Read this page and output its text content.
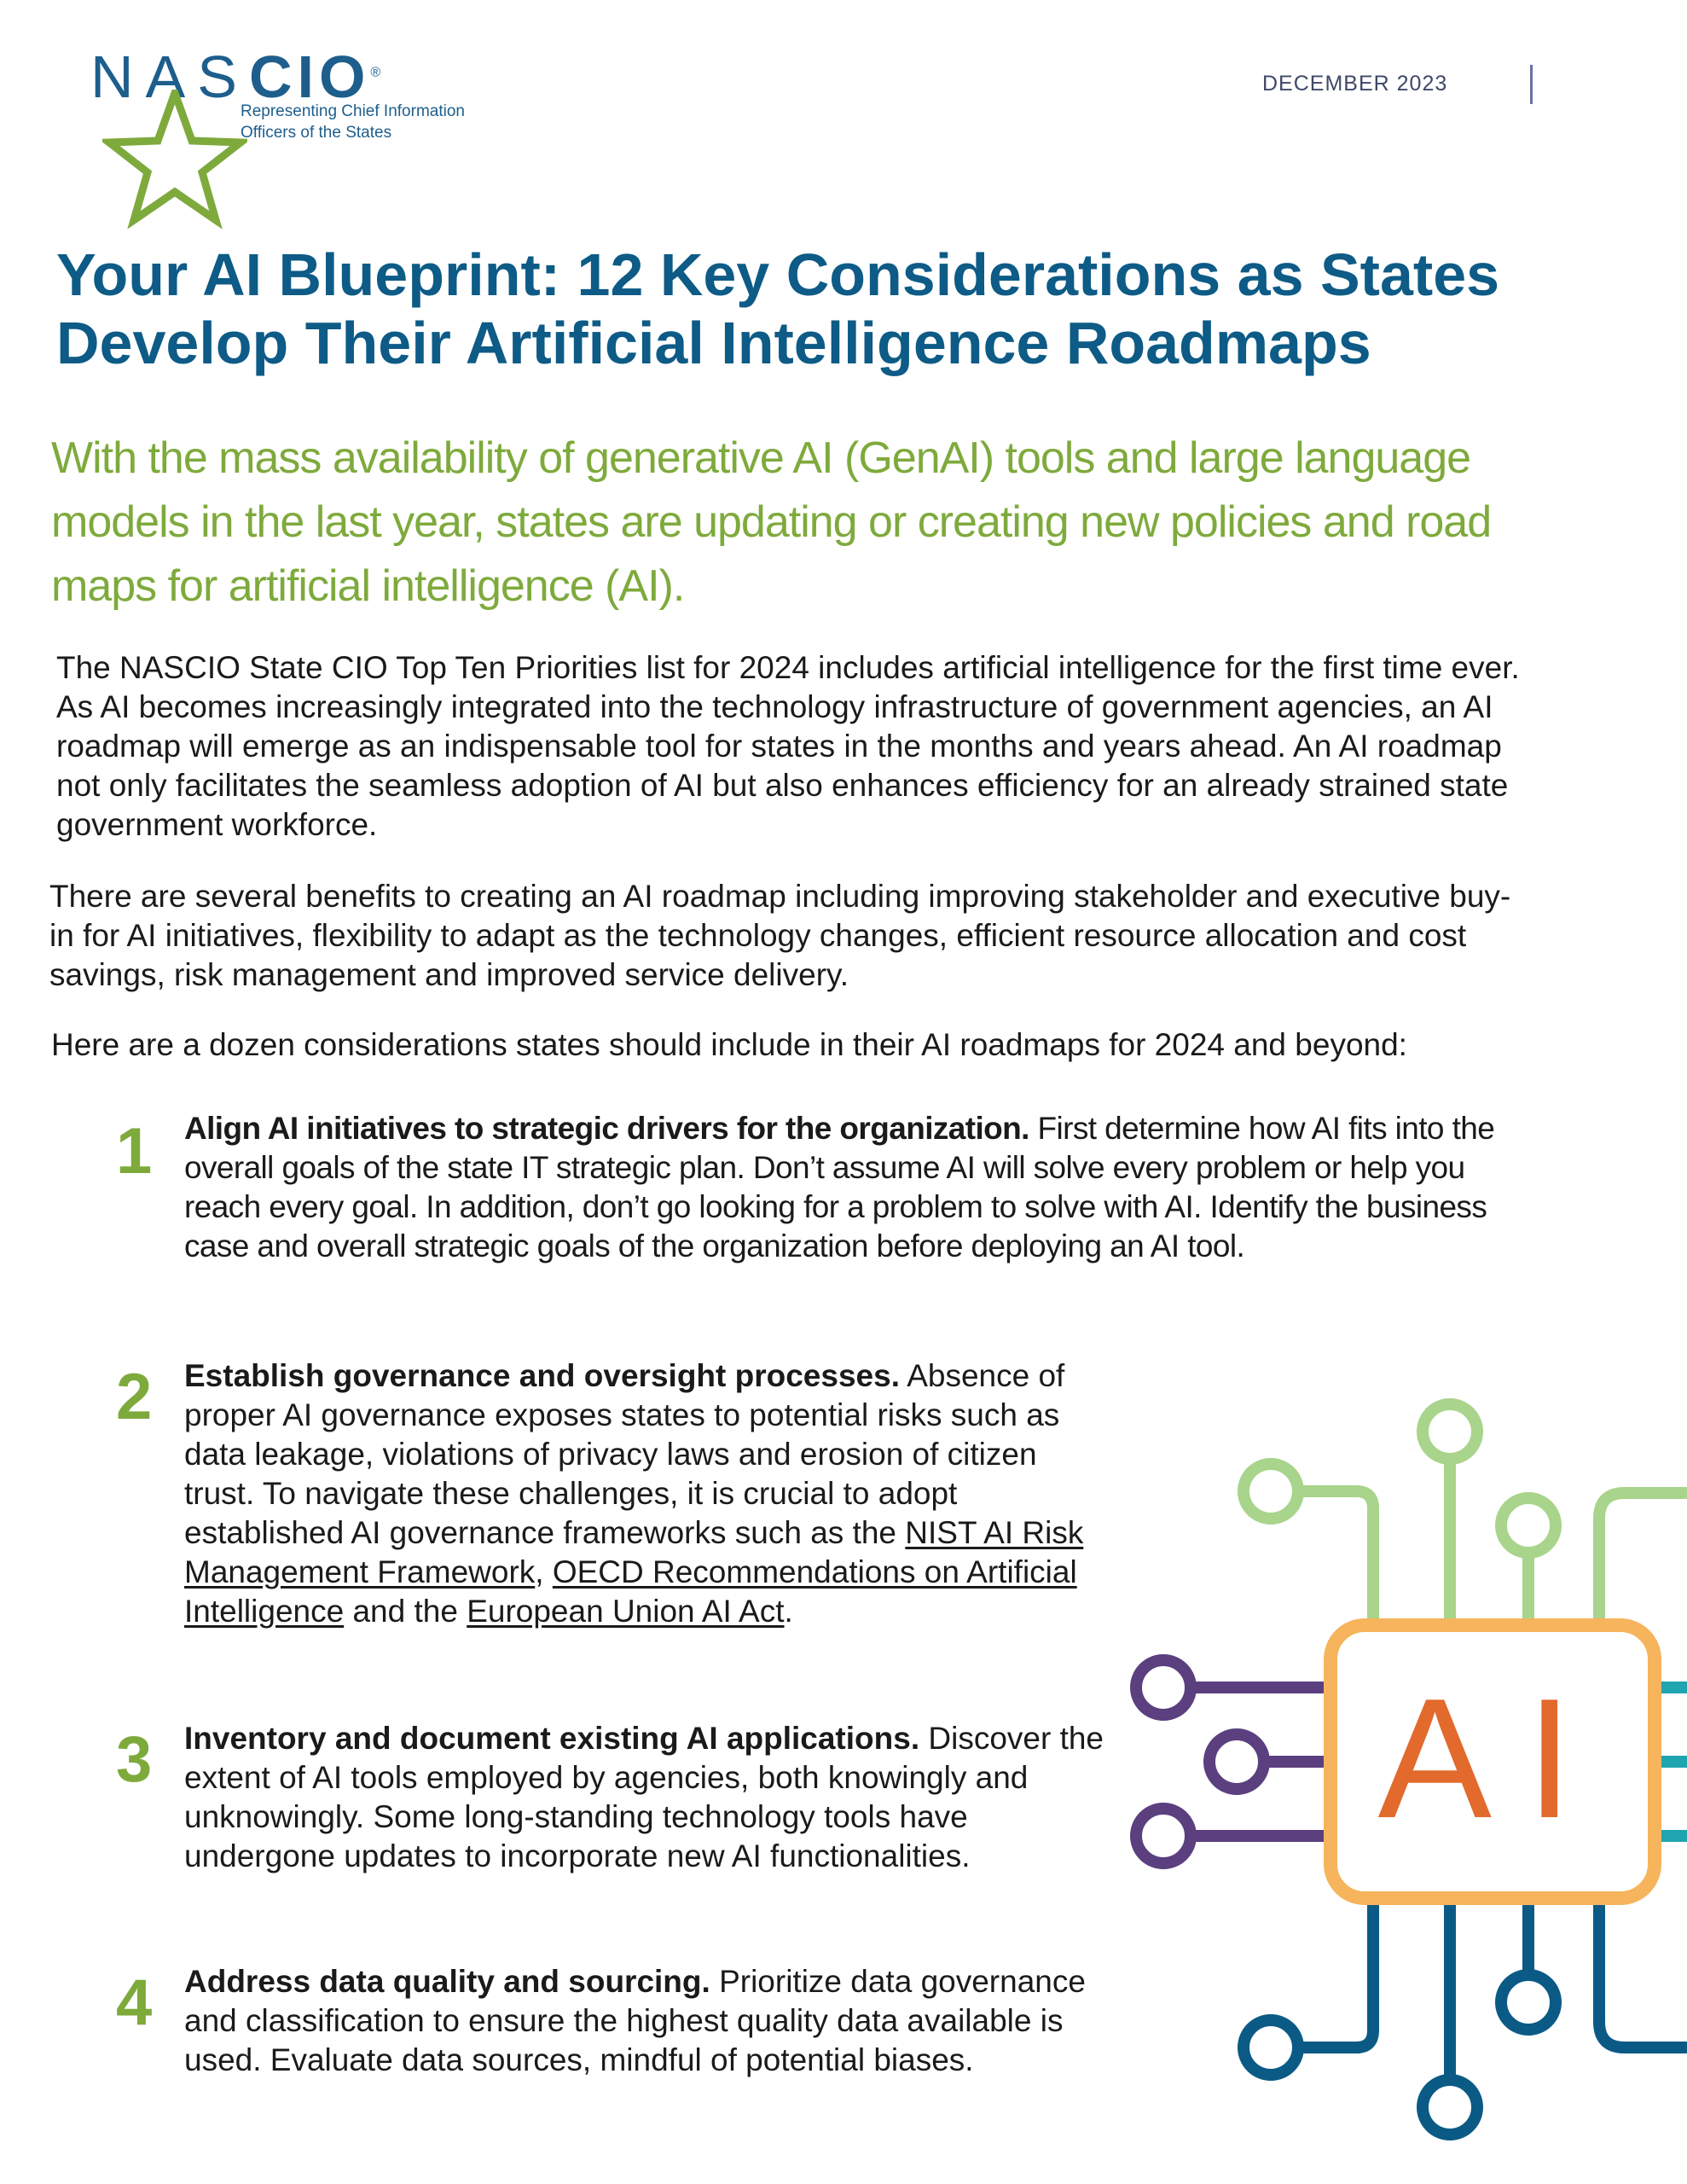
NASCIO®
Representing Chief Information
Officers of the States
DECEMBER 2023
Your AI Blueprint: 12 Key Considerations as States Develop Their Artificial Intelligence Roadmaps
With the mass availability of generative AI (GenAI) tools and large language models in the last year, states are updating or creating new policies and road maps for artificial intelligence (AI).
The NASCIO State CIO Top Ten Priorities list for 2024 includes artificial intelligence for the first time ever. As AI becomes increasingly integrated into the technology infrastructure of government agencies, an AI roadmap will emerge as an indispensable tool for states in the months and years ahead. An AI roadmap not only facilitates the seamless adoption of AI but also enhances efficiency for an already strained state government workforce.
There are several benefits to creating an AI roadmap including improving stakeholder and executive buy-in for AI initiatives, flexibility to adapt as the technology changes, efficient resource allocation and cost savings, risk management and improved service delivery.
Here are a dozen considerations states should include in their AI roadmaps for 2024 and beyond:
1 Align AI initiatives to strategic drivers for the organization. First determine how AI fits into the overall goals of the state IT strategic plan. Don’t assume AI will solve every problem or help you reach every goal. In addition, don’t go looking for a problem to solve with AI. Identify the business case and overall strategic goals of the organization before deploying an AI tool.
2 Establish governance and oversight processes. Absence of proper AI governance exposes states to potential risks such as data leakage, violations of privacy laws and erosion of citizen trust. To navigate these challenges, it is crucial to adopt established AI governance frameworks such as the NIST AI Risk Management Framework, OECD Recommendations on Artificial Intelligence and the European Union AI Act.
3 Inventory and document existing AI applications. Discover the extent of AI tools employed by agencies, both knowingly and unknowingly. Some long-standing technology tools have undergone updates to incorporate new AI functionalities.
4 Address data quality and sourcing. Prioritize data governance and classification to ensure the highest quality data available is used. Evaluate data sources, mindful of potential biases.
AI
